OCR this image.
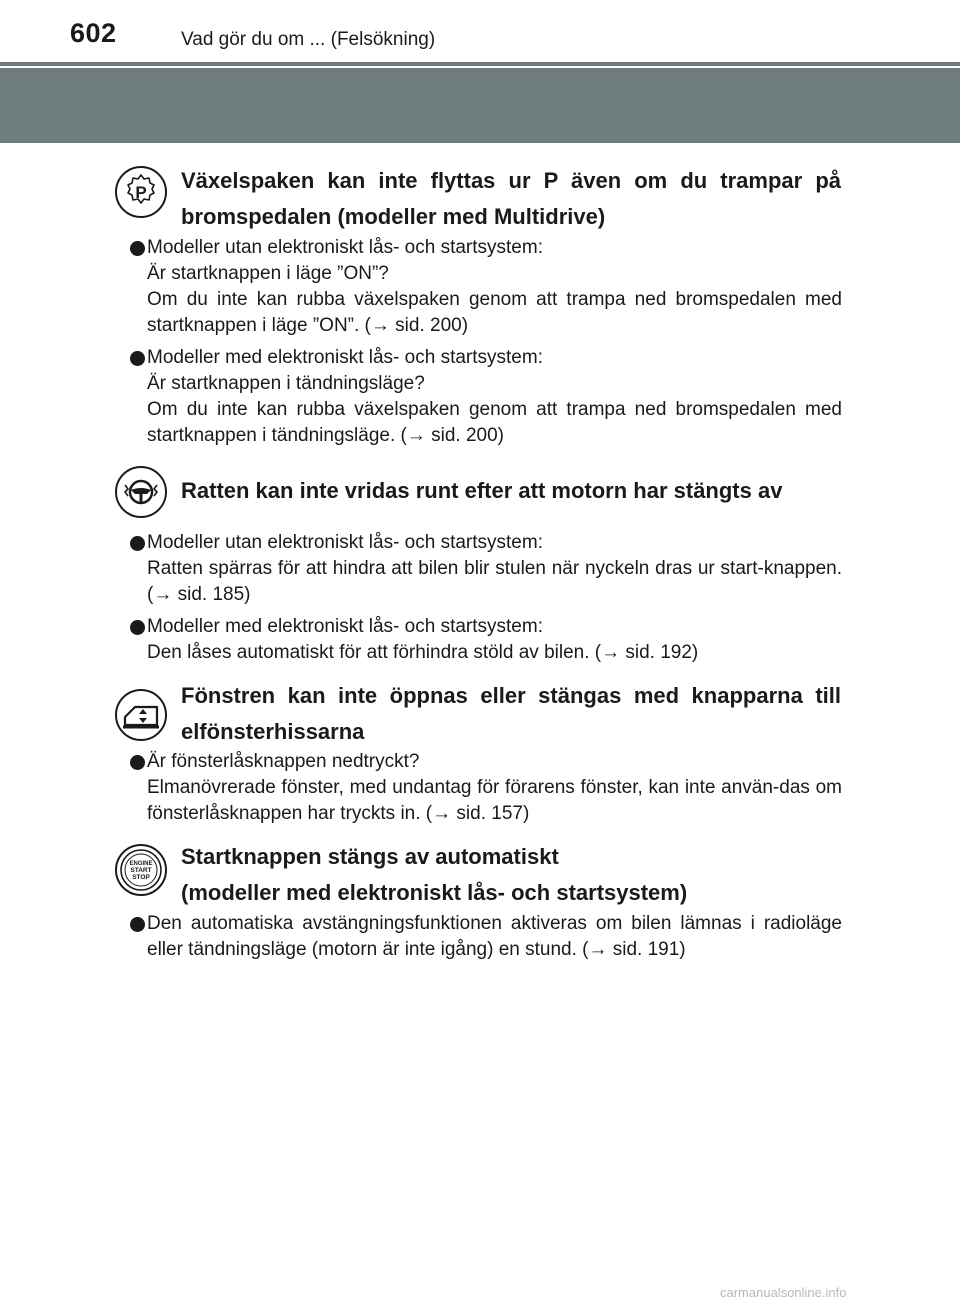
602	Vad gör du om ... (Felsökning)
P Växelspaken kan inte flyttas ur P även om du trampar på bromspedalen (modeller med Multidrive)
Modeller utan elektroniskt lås- och startsystem:
Är startknappen i läge ”ON”?
Om du inte kan rubba växelspaken genom att trampa ned bromspedalen med startknappen i läge ”ON”. (→ sid. 200)
Modeller med elektroniskt lås- och startsystem:
Är startknappen i tändningsläge?
Om du inte kan rubba växelspaken genom att trampa ned bromspedalen med startknappen i tändningsläge. (→ sid. 200)
Ratten kan inte vridas runt efter att motorn har stängts av
Modeller utan elektroniskt lås- och startsystem:
Ratten spärras för att hindra att bilen blir stulen när nyckeln dras ur start-knappen. (→ sid. 185)
Modeller med elektroniskt lås- och startsystem:
Den låses automatiskt för att förhindra stöld av bilen. (→ sid. 192)
Fönstren kan inte öppnas eller stängas med knapparna till elfönsterhissarna
Är fönsterlåsknappen nedtryckt?
Elmanövrerade fönster, med undantag för förarens fönster, kan inte använ-das om fönsterlåsknappen har tryckts in. (→ sid. 157)
ENGINE
START
STOP
Startknappen stängs av automatiskt
(modeller med elektroniskt lås- och startsystem)
Den automatiska avstängningsfunktionen aktiveras om bilen lämnas i radioläge eller tändningsläge (motorn är inte igång) en stund. (→ sid. 191)
carmanualsonline.info
